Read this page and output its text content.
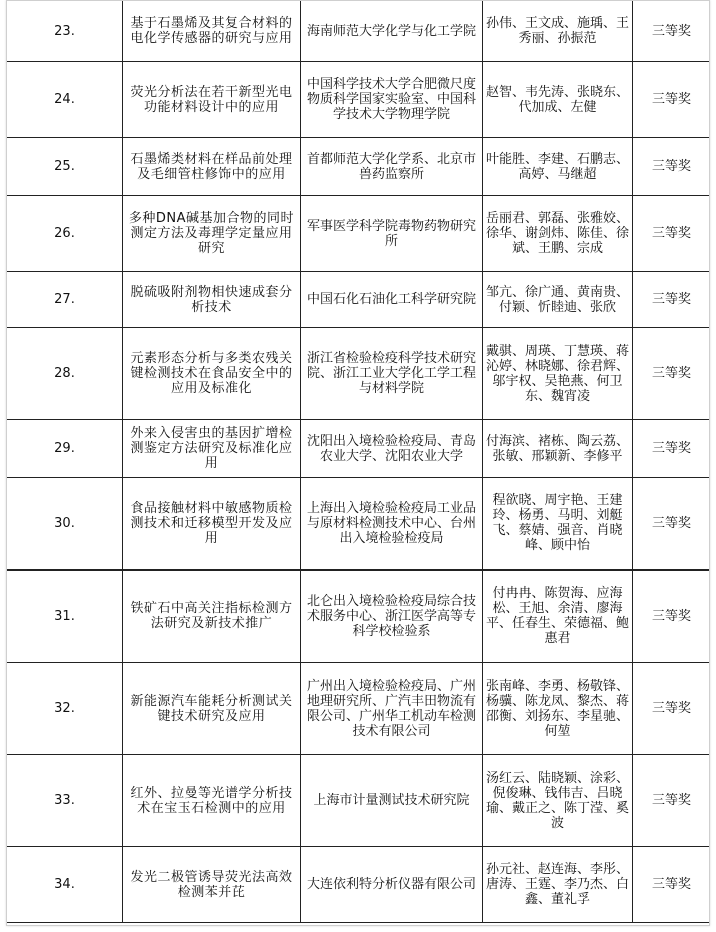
23.	基于石墨烯及其复合材料的电化学传感器的研究与应用	海南师范大学化学与化工学院	孙伟、王文成、施瑀、王秀丽、孙振范	三等奖
24.	荧光分析法在若干新型光电功能材料设计中的应用	中国科学技术大学合肥微尺度物质科学国家实验室、中国科学技术大学物理学院	赵智、韦先涛、张晓东、代加成、左健	三等奖
25.	石墨烯类材料在样品前处理及毛细管柱修饰中的应用	首都师范大学化学系、北京市兽药监察所	叶能胜、李建、石鹏志、高婷、马继超	三等奖
26.	多种DNA碱基加合物的同时测定方法及毒理学定量应用研究	军事医学科学院毒物药物研究所	岳丽君、郭磊、张雅姣、徐华、谢剑炜、陈佳、徐斌、王鹏、宗成	三等奖
27.	脱硫吸附剂物相快速成套分析技术	中国石化石油化工科学研究院	邹亢、徐广通、黄南贵、付颖、忻睦迪、张欣	三等奖
28.	元素形态分析与多类农残关键检测技术在食品安全中的应用及标准化	浙江省检验检疫科学技术研究院、浙江工业大学化工学工程与材料学院	戴骐、周瑛、丁慧瑛、蒋沁婷、林晓娜、徐君辉、邬宇权、吴艳燕、何卫东、魏宵凌	三等奖
29.	外来入侵害虫的基因扩增检测鉴定方法研究及标准化应用	沈阳出入境检验检疫局、青岛农业大学、沈阳农业大学	付海滨、褚栋、陶云荔、张敏、邢颖新、李修平	三等奖
30.	食品接触材料中敏感物质检测技术和迁移模型开发及应用	上海出入境检验检疫局工业品与原材料检测技术中心、台州出入境检验检疫局	程欲晓、周宇艳、王建玲、杨勇、马明、刘艇飞、蔡婧、强音、肖晓峰、顾中怡	三等奖
31.	铁矿石中高关注指标检测方法研究及新技术推广	北仑出入境检验检疫局综合技术服务中心、浙江医学高等专科学校检验系	付冉冉、陈贺海、应海松、王旭、余清、廖海平、任春生、荣德福、鲍惠君	三等奖
32.	新能源汽车能耗分析测试关键技术研究及应用	广州出入境检验检疫局、广州地理研究所、广汽丰田物流有限公司、广州华工机动车检测技术有限公司	张南峰、李勇、杨敬锋、杨骥、陈龙凤、黎杰、蒋邵衡、刘扬东、李星驰、何堃	三等奖
33.	红外、拉曼等光谱学分析技术在宝玉石检测中的应用	上海市计量测试技术研究院	汤红云、陆晓颖、涂彩、倪俊琳、钱伟吉、吕晓瑜、戴正之、陈丁滢、奚波	三等奖
34.	发光二极管诱导荧光法高效检测苯并芘	大连依利特分析仪器有限公司	孙元社、赵连海、李彤、唐涛、王霆、李乃杰、白鑫、董礼孚	三等奖
